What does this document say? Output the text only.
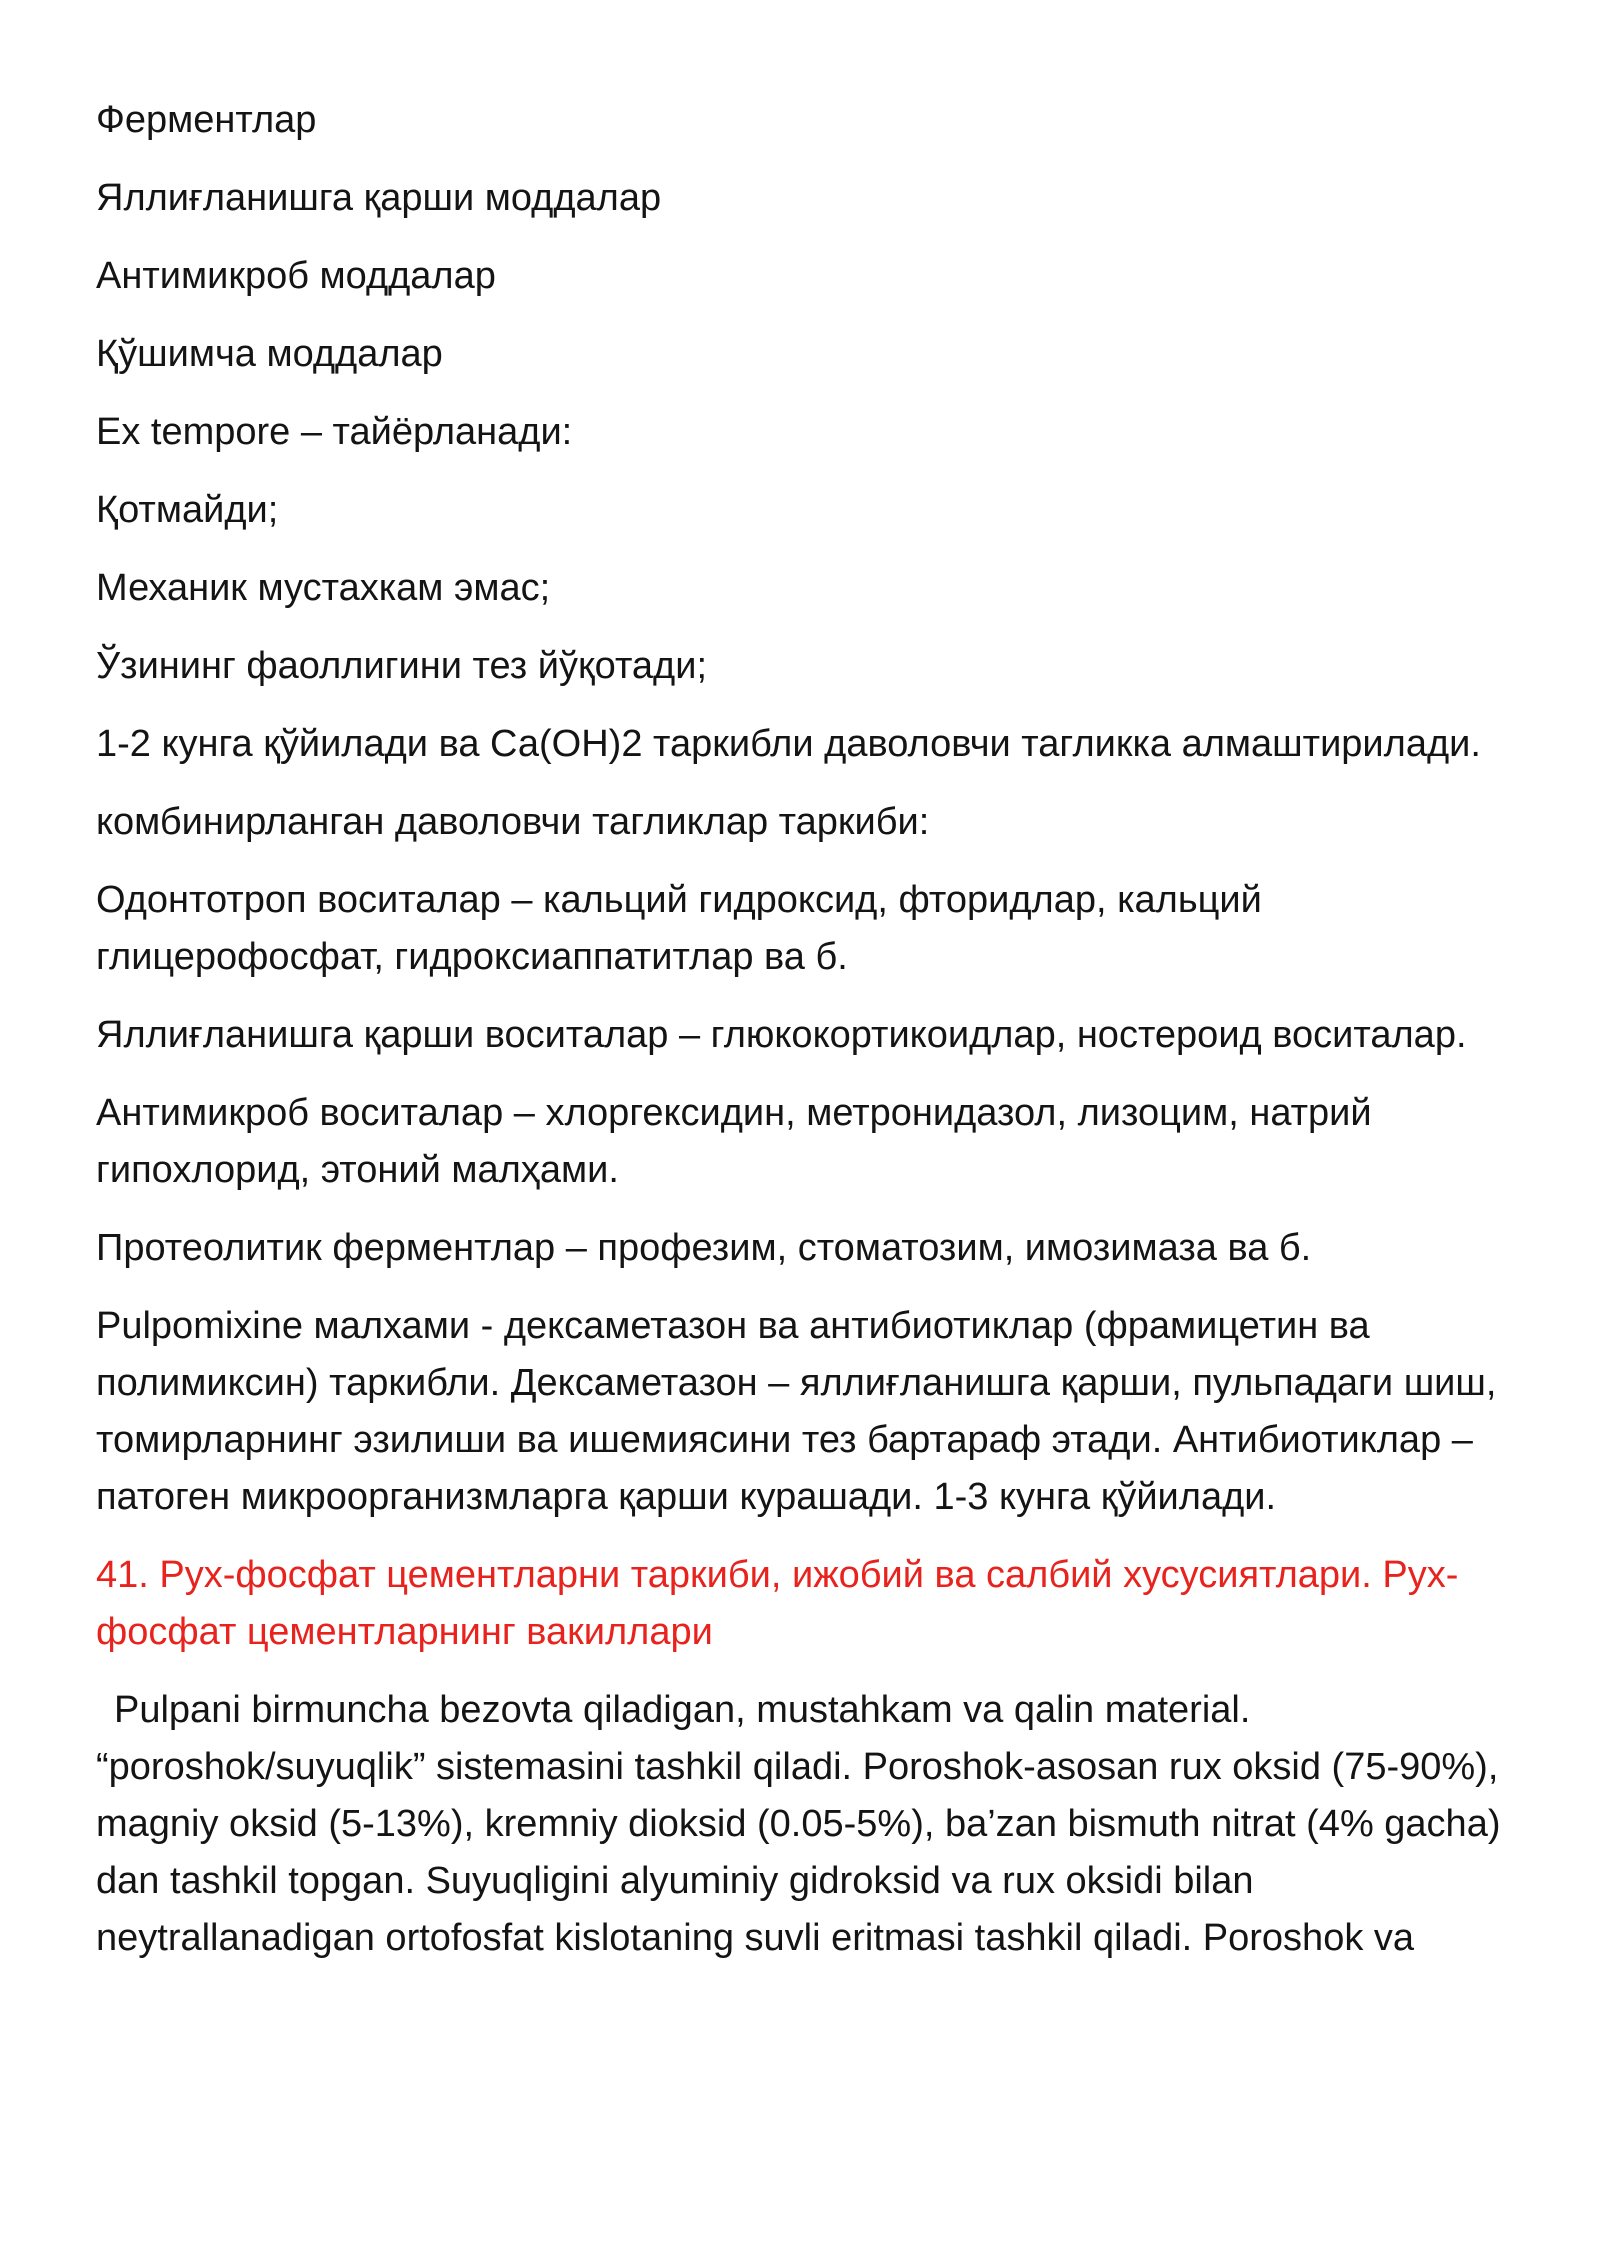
Ферментлар

Яллиғланишга қарши моддалар

Антимикроб моддалар

Қўшимча моддалар

Ex tempore – тайёрланади:

Қотмайди;

Механик мустахкам эмас;

Ўзининг фаоллигини тез йўқотади;

1-2 кунга қўйилади ва Са(ОН)2 таркибли даволовчи тагликка алмаштирилади.

комбинирланган даволовчи тагликлар таркиби:

Одонтотроп воситалар – кальций гидроксид, фторидлар, кальций глицерофосфат, гидроксиаппатитлар ва б.

Яллиғланишга қарши воситалар – глюкокортикоидлар, ностероид воситалар.

Антимикроб воситалар – хлоргексидин, метронидазол, лизоцим, натрий гипохлорид, этоний малҳами.

Протеолитик ферментлар – профезим, стоматозим, имозимаза ва б.

Pulpomixine малхами - дексаметазон ва антибиотиклар (фрамицетин ва полимиксин) таркибли. Дексаметазон – яллиғланишга қарши, пульпадаги шиш, томирларнинг эзилиши ва ишемиясини тез бартараф этади. Антибиотиклар – патоген микроорганизмларга қарши курашади. 1-3 кунга қўйилади.

41. Рух-фосфат цементларни таркиби, ижобий ва салбий хусусиятлари. Рух-фосфат цементларнинг вакиллари

Pulpani birmuncha bezovta qiladigan, mustahkam va qalin material. “poroshok/suyuqlik” sistemasini tashkil qiladi. Poroshok-asosan rux oksid (75-90%), magniy oksid (5-13%), kremniy dioksid (0.05-5%), ba’zan bismuth nitrat (4% gacha) dan tashkil topgan. Suyuqligini alyuminiy gidroksid va rux oksidi bilan neytrallanadigan ortofosfat kislotaning suvli eritmasi tashkil qiladi. Poroshok va
